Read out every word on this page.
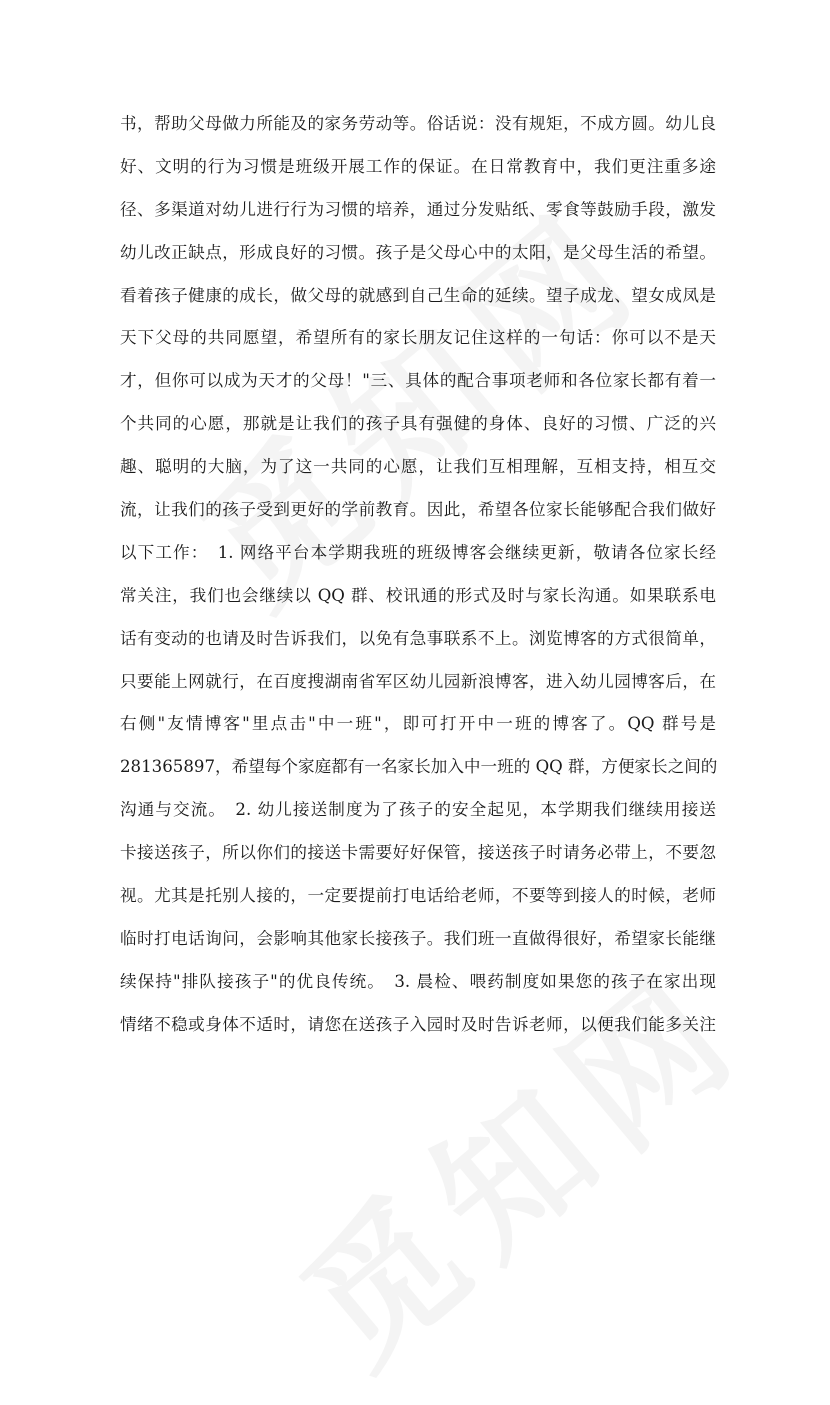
书，帮助父母做力所能及的家务劳动等。俗话说：没有规矩，不成方圆。幼儿良
好、文明的行为习惯是班级开展工作的保证。在日常教育中，我们更注重多途
径、多渠道对幼儿进行行为习惯的培养，通过分发贴纸、零食等鼓励手段，激发
幼儿改正缺点，形成良好的习惯。孩子是父母心中的太阳，是父母生活的希望。
看着孩子健康的成长，做父母的就感到自己生命的延续。望子成龙、望女成凤是
天下父母的共同愿望，希望所有的家长朋友记住这样的一句话：你可以不是天
才，但你可以成为天才的父母！"三、具体的配合事项老师和各位家长都有着一
个共同的心愿，那就是让我们的孩子具有强健的身体、良好的习惯、广泛的兴
趣、聪明的大脑，为了这一共同的心愿，让我们互相理解，互相支持，相互交
流，让我们的孩子受到更好的学前教育。因此，希望各位家长能够配合我们做好
以下工作：　1. 网络平台本学期我班的班级博客会继续更新，敬请各位家长经
常关注，我们也会继续以 QQ 群、校讯通的形式及时与家长沟通。如果联系电
话有变动的也请及时告诉我们，以免有急事联系不上。浏览博客的方式很简单，
只要能上网就行，在百度搜湖南省军区幼儿园新浪博客，进入幼儿园博客后，在
右侧"友情博客"里点击"中一班"，即可打开中一班的博客了。QQ 群号是
281365897，希望每个家庭都有一名家长加入中一班的 QQ 群，方便家长之间的
沟通与交流。　2. 幼儿接送制度为了孩子的安全起见，本学期我们继续用接送
卡接送孩子，所以你们的接送卡需要好好保管，接送孩子时请务必带上，不要忽
视。尤其是托别人接的，一定要提前打电话给老师，不要等到接人的时候，老师
临时打电话询问，会影响其他家长接孩子。我们班一直做得很好，希望家长能继
续保持"排队接孩子"的优良传统。　3. 晨检、喂药制度如果您的孩子在家出现
情绪不稳或身体不适时，请您在送孩子入园时及时告诉老师，以便我们能多关注
